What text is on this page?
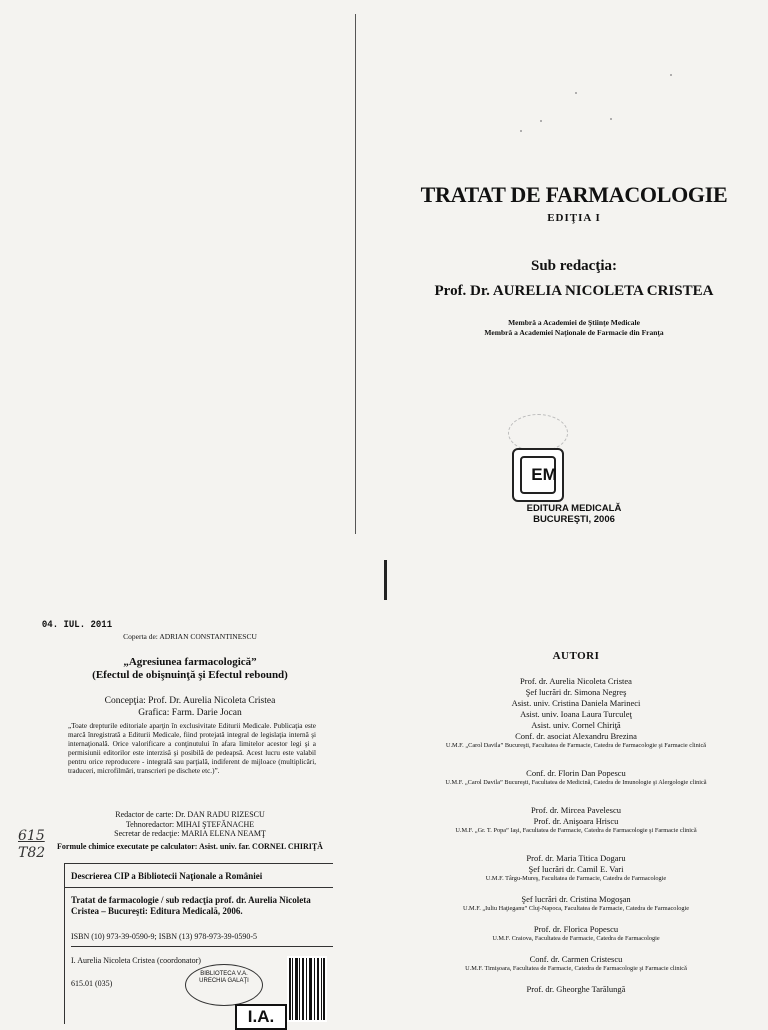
TRATAT DE FARMACOLOGIE
EDIŢIA I
Sub redacţia:
Prof. Dr. AURELIA NICOLETA CRISTEA
Membră a Academiei de Ştiinţe Medicale
Membră a Academiei Naţionale de Farmacie din Franţa
EM
EDITURA MEDICALĂ
BUCUREŞTI, 2006
04. IUL. 2011
Coperta de: ADRIAN CONSTANTINESCU
„Agresiunea farmacologică”
(Efectul de obişnuinţă şi Efectul rebound)
Concepţia: Prof. Dr. Aurelia Nicoleta Cristea
Grafica: Farm. Darie Jocan
„Toate drepturile editoriale aparţin în exclusivitate Editurii Medicale. Publicaţia este marcă înregistrată a Editurii Medicale, fiind protejată integral de legislaţia internă şi internaţională. Orice valorificare a conţinutului în afara limitelor acestor legi şi a permisiunii editorilor este interzisă şi posibilă de pedeapsă. Acest lucru este valabil pentru orice reproducere - integrală sau parţială, indiferent de mijloace (multiplicări, traduceri, microfilmări, transcrieri pe dischete etc.)”.
Redactor de carte: Dr. DAN RADU RIZESCU
Tehnoredactor: MIHAI ŞTEFĂNACHE
Secretar de redacţie: MARIA ELENA NEAMŢ
Formule chimice executate pe calculator: Asist. univ. far. CORNEL CHIRIŢĂ
615
T82
Descrierea CIP a Bibliotecii Naţionale a României
Tratat de farmacologie / sub redacţia prof. dr. Aurelia Nicoleta Cristea – Bucureşti: Editura Medicală, 2006.
ISBN (10) 973-39-0590-9; ISBN (13) 978-973-39-0590-5
I. Aurelia Nicoleta Cristea (coordonator)
615.01 (035)
BIBLIOTECA V.A. URECHIA GALAŢI
I.A.
AUTORI
Prof. dr. Aurelia Nicoleta Cristea
Şef lucrări dr. Simona Negreş
Asist. univ. Cristina Daniela Marineci
Asist. univ. Ioana Laura Turculeţ
Asist. univ. Cornel Chiriţă
Conf. dr. asociat Alexandru Brezina
U.M.F. „Carol Davila” Bucureşti, Facultatea de Farmacie, Catedra de Farmacologie şi Farmacie clinică
Conf. dr. Florin Dan Popescu
U.M.F. „Carol Davila” Bucureşti, Facultatea de Medicină, Catedra de Imunologie şi Alergologie clinică
Prof. dr. Mircea Pavelescu
Prof. dr. Anişoara Hriscu
U.M.F. „Gr. T. Popa” Iaşi, Facultatea de Farmacie, Catedra de Farmacologie şi Farmacie clinică
Prof. dr. Maria Titica Dogaru
Şef lucrări dr. Camil E. Vari
U.M.F. Târgu-Mureş, Facultatea de Farmacie, Catedra de Farmacologie
Şef lucrări dr. Cristina Mogoşan
U.M.F. „Iuliu Haţieganu” Cluj-Napoca, Facultatea de Farmacie, Catedra de Farmacologie
Prof. dr. Florica Popescu
U.M.F. Craiova, Facultatea de Farmacie, Catedra de Farmacologie
Conf. dr. Carmen Cristescu
U.M.F. Timişoara, Facultatea de Farmacie, Catedra de Farmacologie şi Farmacie clinică
Prof. dr. Gheorghe Tarălungă
